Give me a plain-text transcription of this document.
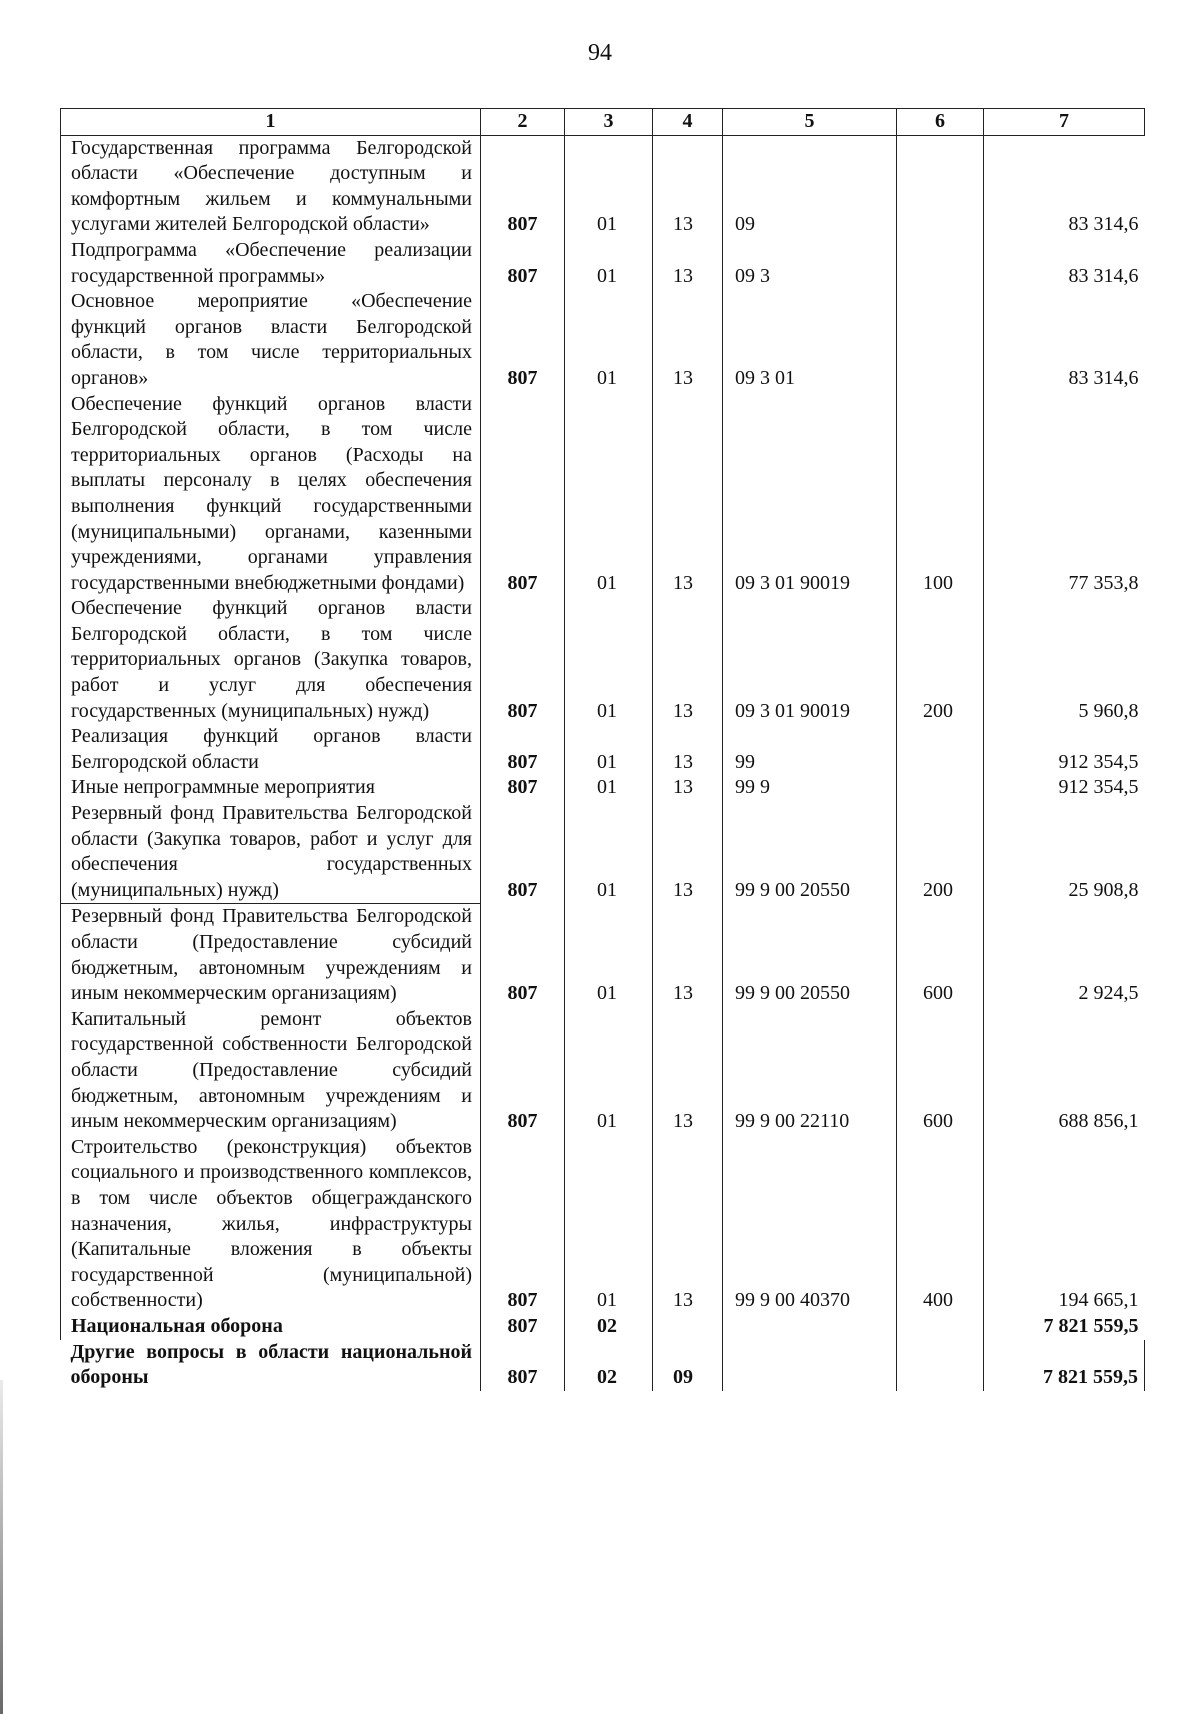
94
1	2	3	4	5	6	7
Государственная программа Белгородской области «Обеспечение доступным и комфортным жильем и коммунальными услугами жителей Белгородской области»	807	01	13	09		83 314,6
Подпрограмма «Обеспечение реализации государственной программы»	807	01	13	09 3		83 314,6
Основное мероприятие «Обеспечение функций органов власти Белгородской области, в том числе территориальных органов»	807	01	13	09 3 01		83 314,6
Обеспечение функций органов власти Белгородской области, в том числе территориальных органов (Расходы на выплаты персоналу в целях обеспечения выполнения функций государственными (муниципальными) органами, казенными учреждениями, органами управления государственными внебюджетными фондами)	807	01	13	09 3 01 90019	100	77 353,8
Обеспечение функций органов власти Белгородской области, в том числе территориальных органов (Закупка товаров, работ и услуг для обеспечения государственных (муниципальных) нужд)	807	01	13	09 3 01 90019	200	5 960,8
Реализация функций органов власти Белгородской области	807	01	13	99		912 354,5
Иные непрограммные мероприятия	807	01	13	99 9		912 354,5
Резервный фонд Правительства Белгородской области (Закупка товаров, работ и услуг для обеспечения государственных (муниципальных) нужд)	807	01	13	99 9 00 20550	200	25 908,8
Резервный фонд Правительства Белгородской области (Предоставление субсидий бюджетным, автономным учреждениям и иным некоммерческим организациям)	807	01	13	99 9 00 20550	600	2 924,5
Капитальный ремонт объектов государственной собственности Белгородской области (Предоставление субсидий бюджетным, автономным учреждениям и иным некоммерческим организациям)	807	01	13	99 9 00 22110	600	688 856,1
Строительство (реконструкция) объектов социального и производственного комплексов, в том числе объектов общегражданского назначения, жилья, инфраструктуры (Капитальные вложения в объекты государственной (муниципальной) собственности)	807	01	13	99 9 00 40370	400	194 665,1
Национальная оборона	807	02				7 821 559,5
Другие вопросы в области национальной обороны	807	02	09			7 821 559,5
